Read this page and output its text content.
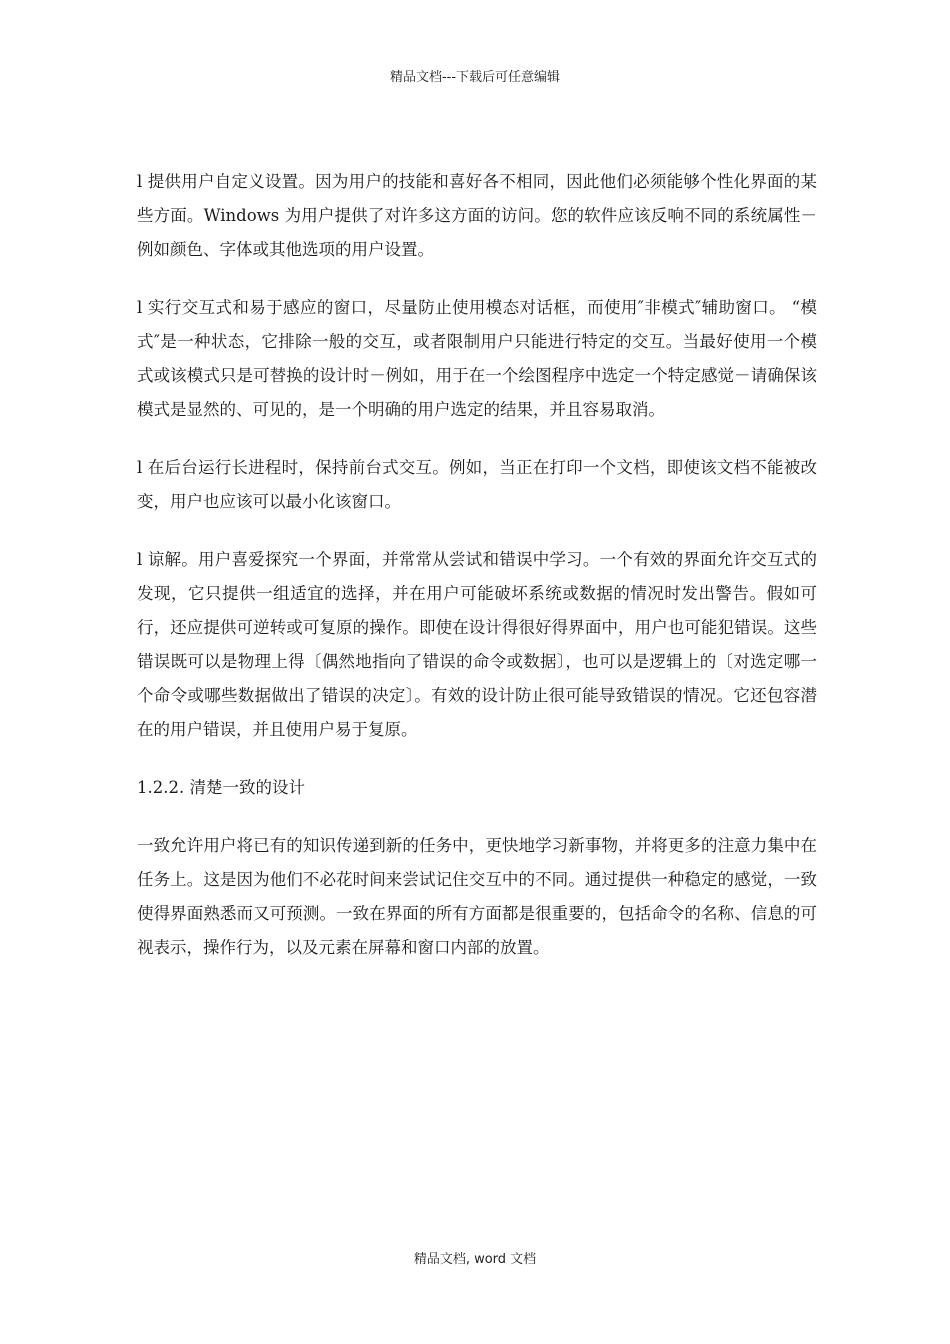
精品文档---下载后可任意编辑

l 提供用户自定义设置。因为用户的技能和喜好各不相同，因此他们必须能够个性化界面的某些方面。Windows 为用户提供了对许多这方面的访问。您的软件应该反响不同的系统属性－例如颜色、字体或其他选项的用户设置。

l 实行交互式和易于感应的窗口，尽量防止使用模态对话框，而使用″非模式″辅助窗口。 “模式″是一种状态，它排除一般的交互，或者限制用户只能进行特定的交互。当最好使用一个模式或该模式只是可替换的设计时－例如，用于在一个绘图程序中选定一个特定感觉－请确保该模式是显然的、可见的，是一个明确的用户选定的结果，并且容易取消。

l 在后台运行长进程时，保持前台式交互。例如，当正在打印一个文档，即使该文档不能被改变，用户也应该可以最小化该窗口。

l 谅解。用户喜爱探究一个界面，并常常从尝试和错误中学习。一个有效的界面允许交互式的发现，它只提供一组适宜的选择，并在用户可能破坏系统或数据的情况时发出警告。假如可行，还应提供可逆转或可复原的操作。即使在设计得很好得界面中，用户也可能犯错误。这些错误既可以是物理上得〔偶然地指向了错误的命令或数据〕，也可以是逻辑上的〔对选定哪一个命令或哪些数据做出了错误的决定〕。有效的设计防止很可能导致错误的情况。它还包容潜在的用户错误，并且使用户易于复原。

1.2.2. 清楚一致的设计

一致允许用户将已有的知识传递到新的任务中，更快地学习新事物，并将更多的注意力集中在任务上。这是因为他们不必花时间来尝试记住交互中的不同。通过提供一种稳定的感觉，一致使得界面熟悉而又可预测。一致在界面的所有方面都是很重要的，包括命令的名称、信息的可视表示，操作行为，以及元素在屏幕和窗口内部的放置。

精品文档, word 文档
